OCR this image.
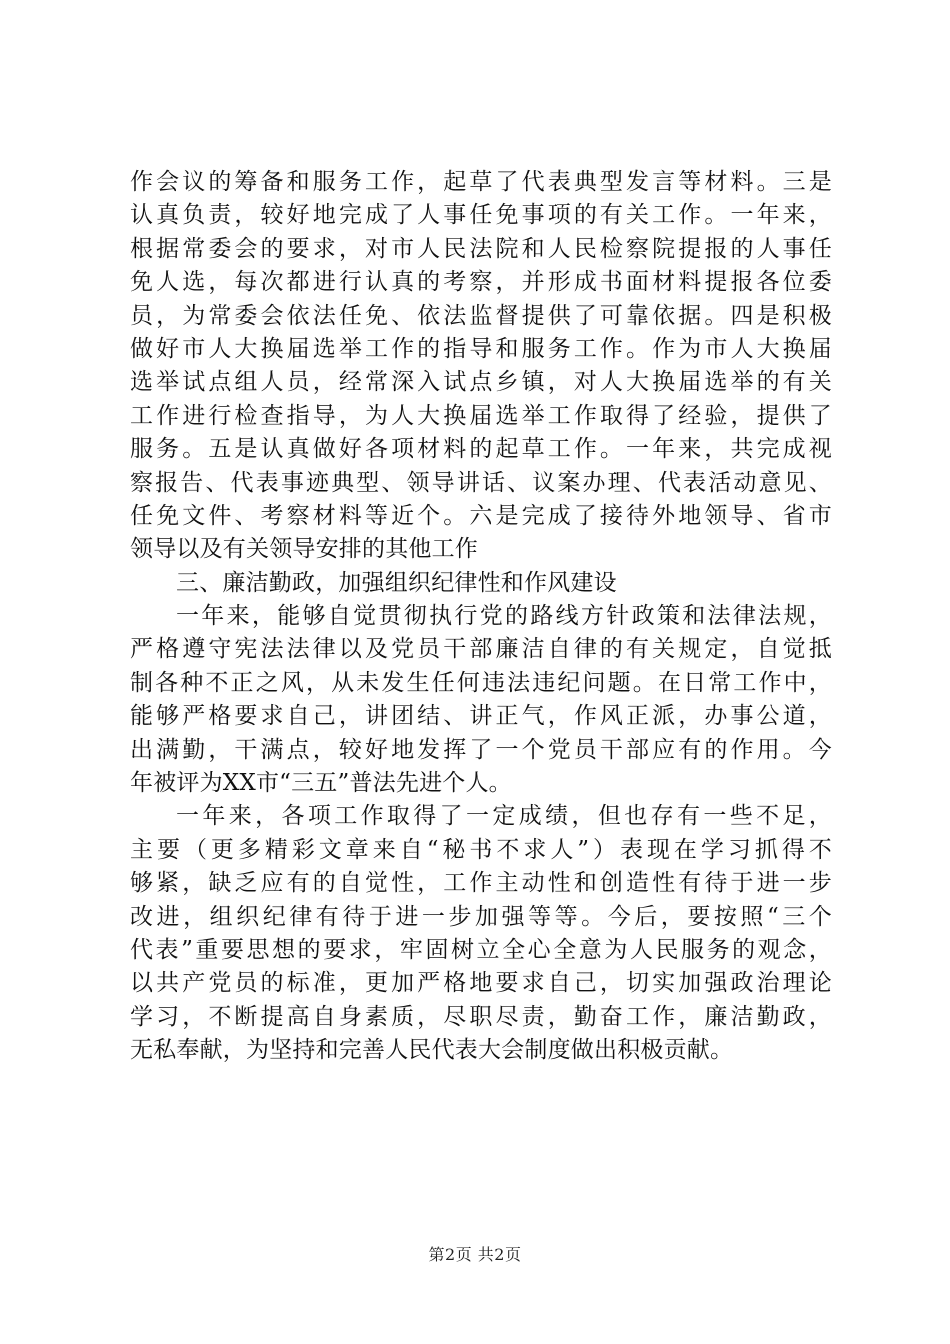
作会议的筹备和服务工作，起草了代表典型发言等材料。三是
认真负责，较好地完成了人事任免事项的有关工作。一年来，
根据常委会的要求，对市人民法院和人民检察院提报的人事任
免人选，每次都进行认真的考察，并形成书面材料提报各位委
员，为常委会依法任免、依法监督提供了可靠依据。四是积极
做好市人大换届选举工作的指导和服务工作。作为市人大换届
选举试点组人员，经常深入试点乡镇，对人大换届选举的有关
工作进行检查指导，为人大换届选举工作取得了经验，提供了
服务。五是认真做好各项材料的起草工作。一年来，共完成视
察报告、代表事迹典型、领导讲话、议案办理、代表活动意见、
任免文件、考察材料等近个。六是完成了接待外地领导、省市
领导以及有关领导安排的其他工作
三、廉洁勤政，加强组织纪律性和作风建设
一年来，能够自觉贯彻执行党的路线方针政策和法律法规，
严格遵守宪法法律以及党员干部廉洁自律的有关规定，自觉抵
制各种不正之风，从未发生任何违法违纪问题。在日常工作中，
能够严格要求自己，讲团结、讲正气，作风正派，办事公道，
出满勤，干满点，较好地发挥了一个党员干部应有的作用。今
年被评为XX市“三五”普法先进个人。
一年来，各项工作取得了一定成绩，但也存有一些不足，
主要（更多精彩文章来自“秘书不求人”）表现在学习抓得不
够紧，缺乏应有的自觉性，工作主动性和创造性有待于进一步
改进，组织纪律有待于进一步加强等等。今后，要按照“三个
代表”重要思想的要求，牢固树立全心全意为人民服务的观念，
以共产党员的标准，更加严格地要求自己，切实加强政治理论
学习，不断提高自身素质，尽职尽责，勤奋工作，廉洁勤政，
无私奉献，为坚持和完善人民代表大会制度做出积极贡献。
第2页 共2页
